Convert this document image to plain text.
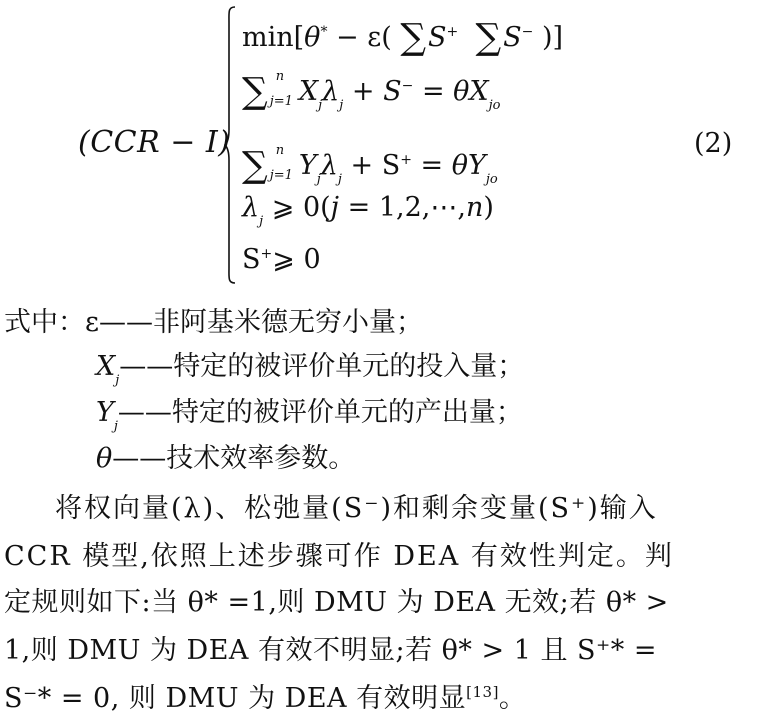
(CCR − I)
min[θ* − ε( ∑S+ ∑S− )]
∑ n
j=1 $X_j\lambda_j + S^- = \theta X_{jo}$
∑ n
j=1 $Y_j\lambda_j + S^+ = \theta Y_{jo}$
$\lambda_j$ ⩾ 0(j = 1,2,⋯,n)
S+⩾ 0
(2)
式中：ε——非阿基米德无穷小量；
$X_j——$特定的被评价单元的投入量；
$Y_j——$特定的被评价单元的产出量；
θ——技术效率参数。
将权向量(λ)、松弛量(S⁻)和剩余变量(S⁺)输入
CCR 模型,依照上述步骤可作 DEA 有效性判定。判
定规则如下:当 θ* =1,则 DMU 为 DEA 无效;若 θ* >
1,则 DMU 为 DEA 有效不明显;若 θ* > 1 且 S⁺* =
S⁻* = 0, 则 DMU 为 DEA 有效明显[13]。
